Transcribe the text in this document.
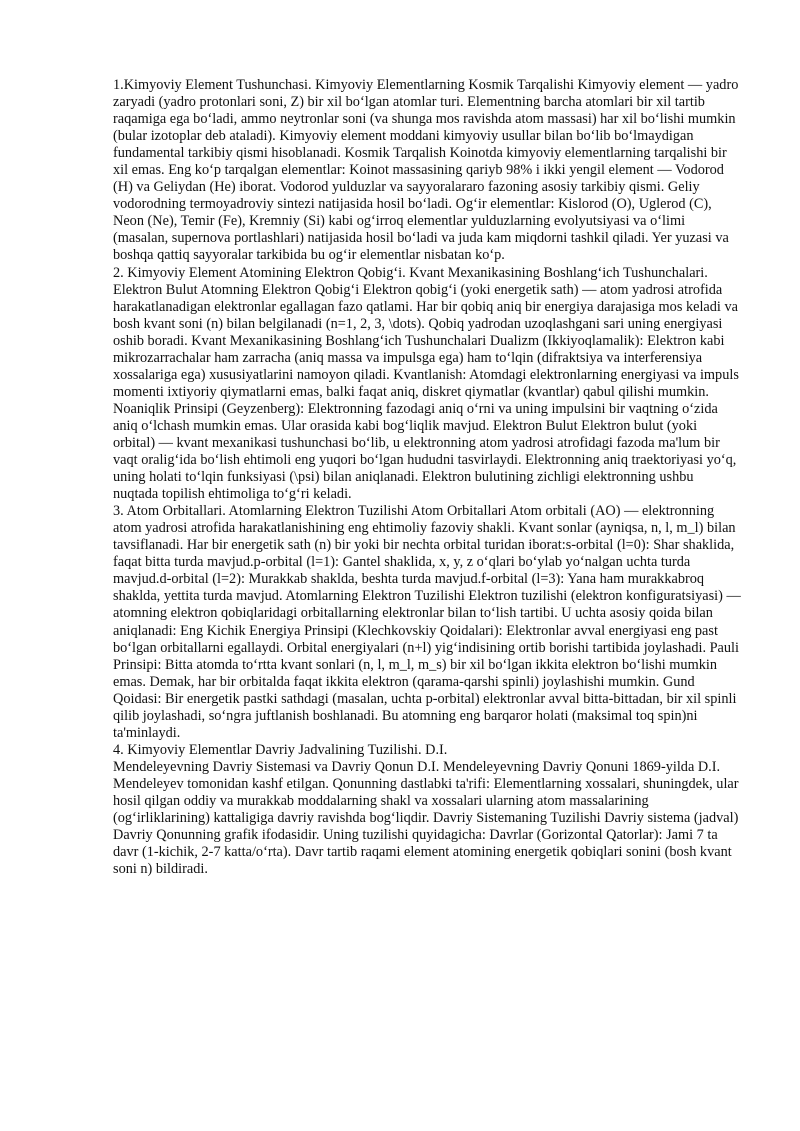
1.Kimyoviy Element Tushunchasi. Kimyoviy Elementlarning Kosmik Tarqalishi Kimyoviy element — yadro zaryadi (yadro protonlari soni, Z) bir xil bo‘lgan atomlar turi. Elementning barcha atomlari bir xil tartib raqamiga ega bo‘ladi, ammo neytronlar soni (va shunga mos ravishda atom massasi) har xil bo‘lishi mumkin (bular izotoplar deb ataladi). Kimyoviy element moddani kimyoviy usullar bilan bo‘lib bo‘lmaydigan fundamental tarkibiy qismi hisoblanadi. Kosmik Tarqalish Koinotda kimyoviy elementlarning tarqalishi bir xil emas. Eng ko‘p tarqalgan elementlar: Koinot massasining qariyb 98% i ikki yengil element — Vodorod (H) va Geliydan (He) iborat. Vodorod yulduzlar va sayyoralararo fazoning asosiy tarkibiy qismi. Geliy vodorodning termoyadroviy sintezi natijasida hosil bo‘ladi. Og‘ir elementlar: Kislorod (O), Uglerod (C), Neon (Ne), Temir (Fe), Kremniy (Si) kabi og‘irroq elementlar yulduzlarning evolyutsiyasi va o‘limi (masalan, supernova portlashlari) natijasida hosil bo‘ladi va juda kam miqdorni tashkil qiladi. Yer yuzasi va boshqa qattiq sayyoralar tarkibida bu og‘ir elementlar nisbatan ko‘p.

2. Kimyoviy Element Atomining Elektron Qobig‘i. Kvant Mexanikasining Boshlang‘ich Tushunchalari. Elektron Bulut Atomning Elektron Qobig‘i Elektron qobig‘i (yoki energetik sath) — atom yadrosi atrofida harakatlanadigan elektronlar egallagan fazo qatlami. Har bir qobiq aniq bir energiya darajasiga mos keladi va bosh kvant soni (n) bilan belgilanadi (n=1, 2, 3, \dots). Qobiq yadrodan uzoqlashgani sari uning energiyasi oshib boradi. Kvant Mexanikasining Boshlang‘ich Tushunchalari Dualizm (Ikkiyoqlamalik): Elektron kabi mikrozarrachalar ham zarracha (aniq massa va impulsga ega) ham to‘lqin (difraktsiya va interferensiya xossalariga ega) xususiyatlarini namoyon qiladi. Kvantlanish: Atomdagi elektronlarning energiyasi va impuls momenti ixtiyoriy qiymatlarni emas, balki faqat aniq, diskret qiymatlar (kvantlar) qabul qilishi mumkin. Noaniqlik Prinsipi (Geyzenberg): Elektronning fazodagi aniq o‘rni va uning impulsini bir vaqtning o‘zida aniq o‘lchash mumkin emas. Ular orasida kabi bog‘liqlik mavjud. Elektron Bulut Elektron bulut (yoki orbital) — kvant mexanikasi tushunchasi bo‘lib, u elektronning atom yadrosi atrofidagi fazoda ma'lum bir vaqt oralig‘ida bo‘lish ehtimoli eng yuqori bo‘lgan hududni tasvirlaydi. Elektronning aniq traektoriyasi yo‘q, uning holati to‘lqin funksiyasi (\psi) bilan aniqlanadi. Elektron bulutining zichligi elektronning ushbu nuqtada topilish ehtimoliga to‘g‘ri keladi.

3. Atom Orbitallari. Atomlarning Elektron Tuzilishi Atom Orbitallari Atom orbitali (AO) — elektronning atom yadrosi atrofida harakatlanishining eng ehtimoliy fazoviy shakli. Kvant sonlar (ayniqsa, n, l, m_l) bilan tavsiflanadi. Har bir energetik sath (n) bir yoki bir nechta orbital turidan iborat:s-orbital (l=0): Shar shaklida, faqat bitta turda mavjud.p-orbital (l=1): Gantel shaklida, x, y, z o‘qlari bo‘ylab yo‘nalgan uchta turda mavjud.d-orbital (l=2): Murakkab shaklda, beshta turda mavjud.f-orbital (l=3): Yana ham murakkabroq shaklda, yettita turda mavjud. Atomlarning Elektron Tuzilishi Elektron tuzilishi (elektron konfiguratsiyasi) — atomning elektron qobiqlaridagi orbitallarning elektronlar bilan to‘lish tartibi. U uchta asosiy qoida bilan aniqlanadi: Eng Kichik Energiya Prinsipi (Klechkovskiy Qoidalari): Elektronlar avval energiyasi eng past bo‘lgan orbitallarni egallaydi. Orbital energiyalari (n+l) yig‘indisining ortib borishi tartibida joylashadi. Pauli Prinsipi: Bitta atomda to‘rtta kvant sonlari (n, l, m_l, m_s) bir xil bo‘lgan ikkita elektron bo‘lishi mumkin emas. Demak, har bir orbitalda faqat ikkita elektron (qarama-qarshi spinli) joylashishi mumkin. Gund Qoidasi: Bir energetik pastki sathdagi (masalan, uchta p-orbital) elektronlar avval bitta-bittadan, bir xil spinli qilib joylashadi, so‘ngra juftlanish boshlanadi. Bu atomning eng barqaror holati (maksimal toq spin)ni ta'minlaydi.

4. Kimyoviy Elementlar Davriy Jadvalining Tuzilishi. D.I.

Mendeleyevning Davriy Sistemasi va Davriy Qonun D.I. Mendeleyevning Davriy Qonuni 1869-yilda D.I. Mendeleyev tomonidan kashf etilgan. Qonunning dastlabki ta'rifi: Elementlarning xossalari, shuningdek, ular hosil qilgan oddiy va murakkab moddalarning shakl va xossalari ularning atom massalarining (og‘irliklarining) kattaligiga davriy ravishda bog‘liqdir. Davriy Sistemaning Tuzilishi Davriy sistema (jadval) Davriy Qonunning grafik ifodasidir. Uning tuzilishi quyidagicha: Davrlar (Gorizontal Qatorlar): Jami 7 ta davr (1-kichik, 2-7 katta/o‘rta). Davr tartib raqami element atomining energetik qobiqlari sonini (bosh kvant soni n) bildiradi.
